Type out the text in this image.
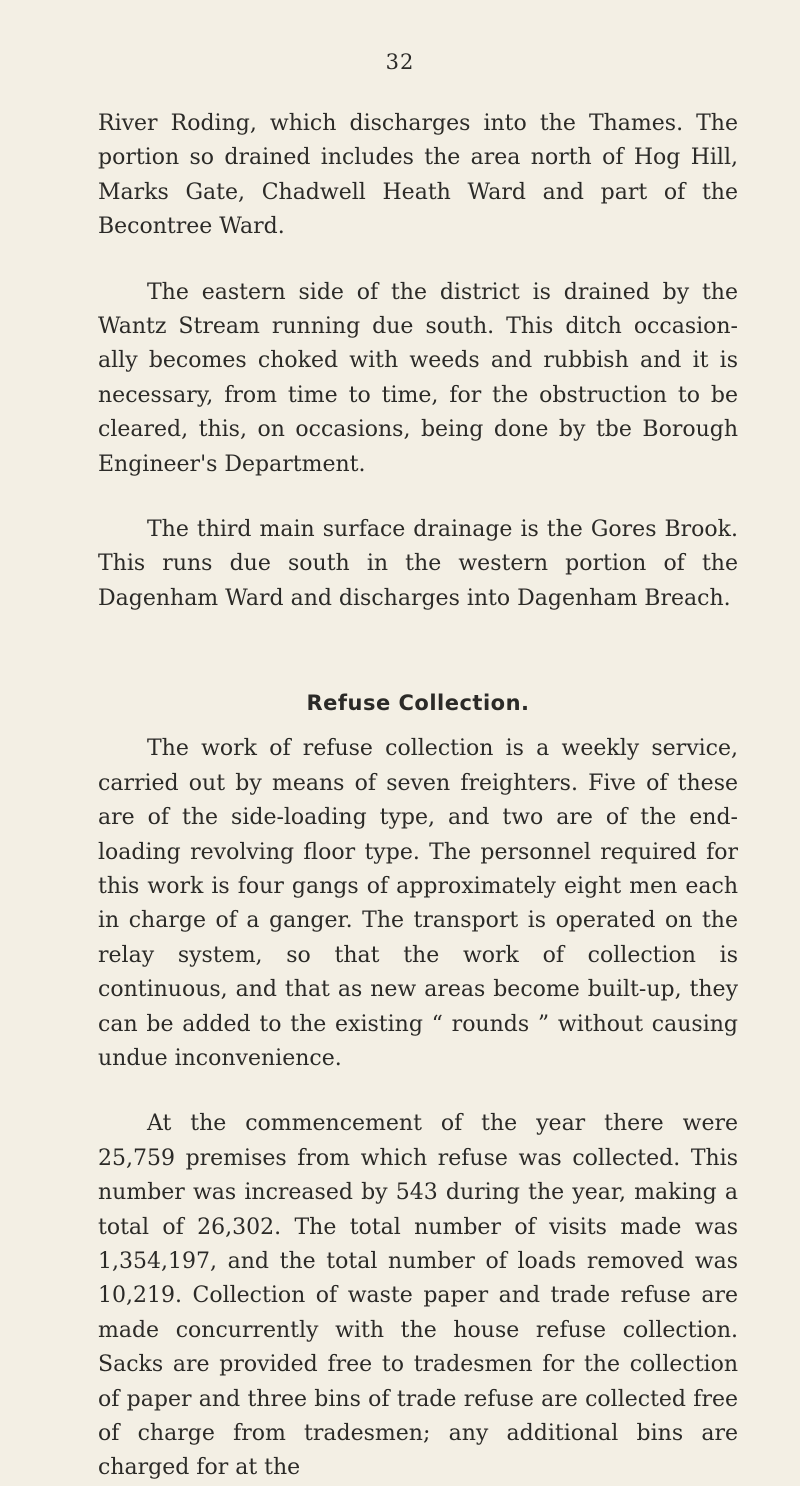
32

River Roding, which discharges into the Thames. The portion so drained includes the area north of Hog Hill, Marks Gate, Chadwell Heath Ward and part of the Becontree Ward.

The eastern side of the district is drained by the Wantz Stream running due south. This ditch occasion- ally becomes choked with weeds and rubbish and it is necessary, from time to time, for the obstruction to be cleared, this, on occasions, being done by tbe Borough Engineer's Department.

The third main surface drainage is the Gores Brook. This runs due south in the western portion of the Dagenham Ward and discharges into Dagenham Breach.

Refuse Collection.

The work of refuse collection is a weekly service, carried out by means of seven freighters. Five of these are of the side-loading type, and two are of the end- loading revolving floor type. The personnel required for this work is four gangs of approximately eight men each in charge of a ganger. The transport is operated on the relay system, so that the work of collection is continuous, and that as new areas become built-up, they can be added to the existing “ rounds ” without causing undue inconvenience.

At the commencement of the year there were 25,759 premises from which refuse was collected. This number was increased by 543 during the year, making a total of 26,302. The total number of visits made was 1,354,197, and the total number of loads removed was 10,219. Collection of waste paper and trade refuse are made concurrently with the house refuse collection. Sacks are provided free to tradesmen for the collection of paper and three bins of trade refuse are collected free of charge from tradesmen; any additional bins are charged for at the
